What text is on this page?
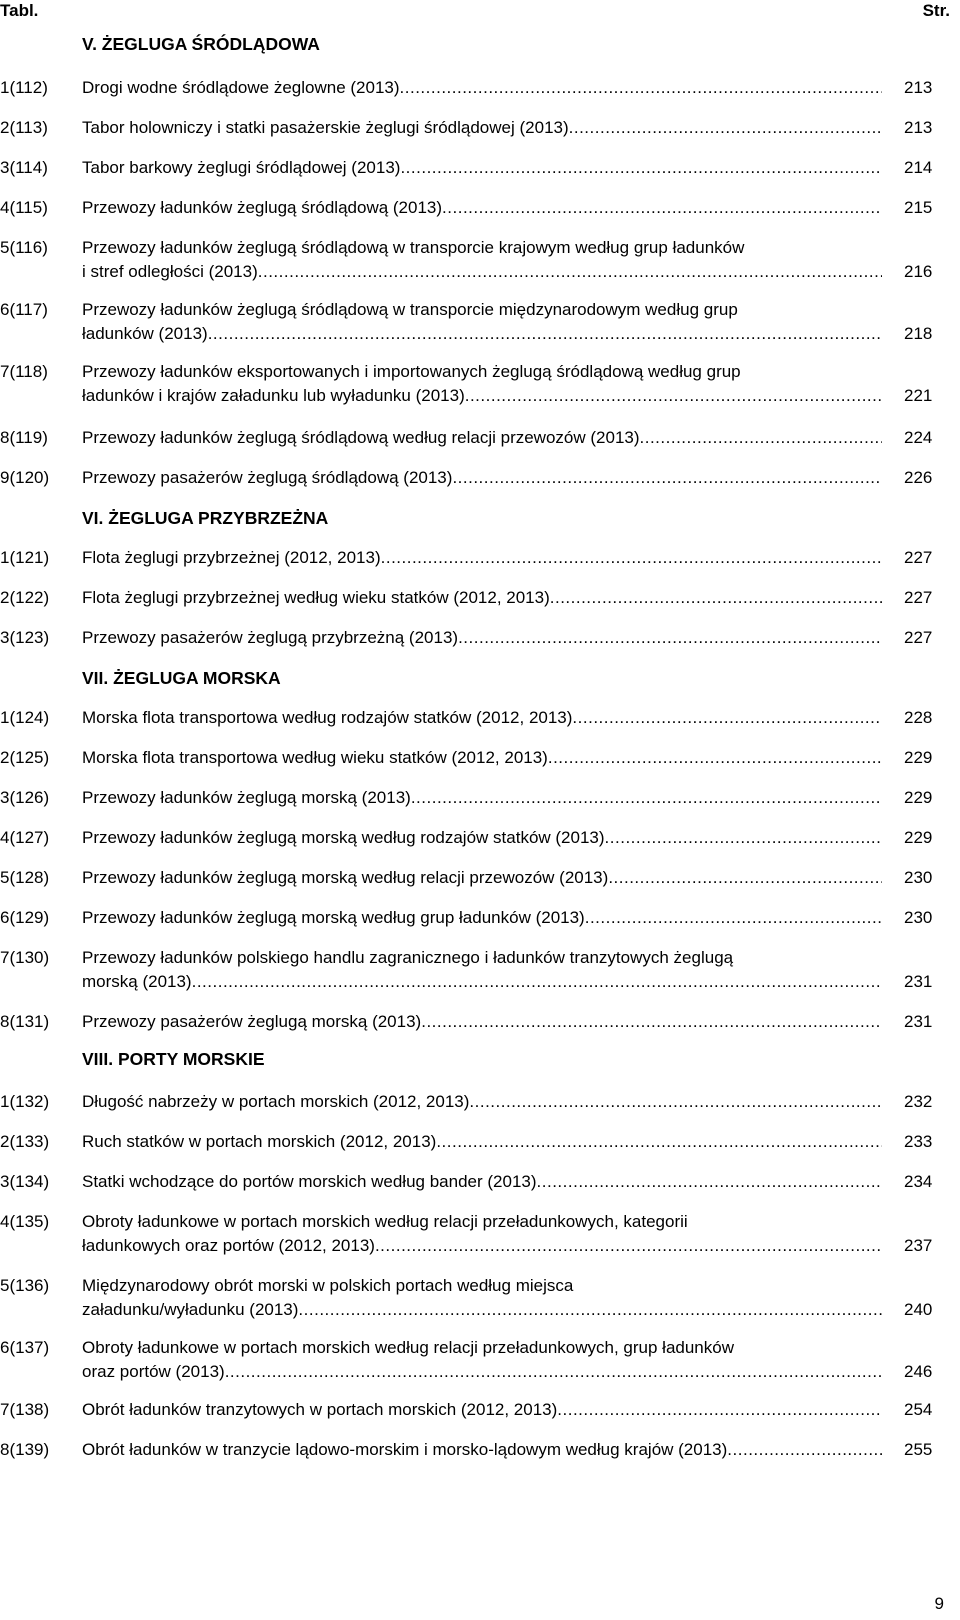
Tabl.	Str.
V. ŻEGLUGA ŚRÓDLĄDOWA
1(112) Drogi wodne śródlądowe żeglowne (2013) .....	213
2(113) Tabor holowniczy i statki pasażerskie żeglugi śródlądowej (2013) .....	213
3(114) Tabor barkowy żeglugi śródlądowej (2013) .....	214
4(115) Przewozy ładunków żeglugą śródlądową (2013) .....	215
5(116) Przewozy ładunków żeglugą śródlądową w transporcie krajowym według grup ładunków
i stref odległości (2013) .....	216
6(117) Przewozy ładunków żeglugą śródlądową w transporcie międzynarodowym według grup
ładunków (2013) .....	218
7(118) Przewozy ładunków eksportowanych i importowanych żeglugą śródlądową według grup
ładunków i krajów załadunku lub wyładunku (2013) .....	221
8(119) Przewozy ładunków żeglugą śródlądową według relacji przewozów (2013) .....	224
9(120) Przewozy pasażerów żeglugą śródlądową (2013) .....	226
VI. ŻEGLUGA PRZYBRZEŻNA
1(121) Flota żeglugi przybrzeżnej (2012, 2013) .....	227
2(122) Flota żeglugi przybrzeżnej według wieku statków (2012, 2013) .....	227
3(123) Przewozy pasażerów żeglugą przybrzeżną (2013) .....	227
VII. ŻEGLUGA MORSKA
1(124) Morska flota transportowa według rodzajów statków (2012, 2013) .....	228
2(125) Morska flota transportowa według wieku statków (2012, 2013) .....	229
3(126) Przewozy ładunków żeglugą morską (2013) .....	229
4(127) Przewozy ładunków żeglugą morską według rodzajów statków (2013) .....	229
5(128) Przewozy ładunków żeglugą morską według relacji przewozów (2013) .....	230
6(129) Przewozy ładunków żeglugą morską według grup ładunków (2013) .....	230
7(130) Przewozy ładunków polskiego handlu zagranicznego i ładunków tranzytowych żeglugą
morską (2013) .....	231
8(131) Przewozy pasażerów żeglugą morską (2013) .....	231
VIII. PORTY MORSKIE
1(132) Długość nabrzeży w portach morskich (2012, 2013) .....	232
2(133) Ruch statków w portach morskich (2012, 2013) .....	233
3(134) Statki wchodzące do portów morskich według bander (2013) .....	234
4(135) Obroty ładunkowe w portach morskich według relacji przeładunkowych, kategorii
ładunkowych oraz portów (2012, 2013) .....	237
5(136) Międzynarodowy obrót morski w polskich portach według miejsca
załadunku/wyładunku (2013) .....	240
6(137) Obroty ładunkowe w portach morskich według relacji przeładunkowych, grup ładunków
oraz portów (2013) .....	246
7(138) Obrót ładunków tranzytowych w portach morskich (2012, 2013) .....	254
8(139) Obrót ładunków w tranzycie lądowo-morskim i morsko-lądowym według krajów (2013) .....	255
9
